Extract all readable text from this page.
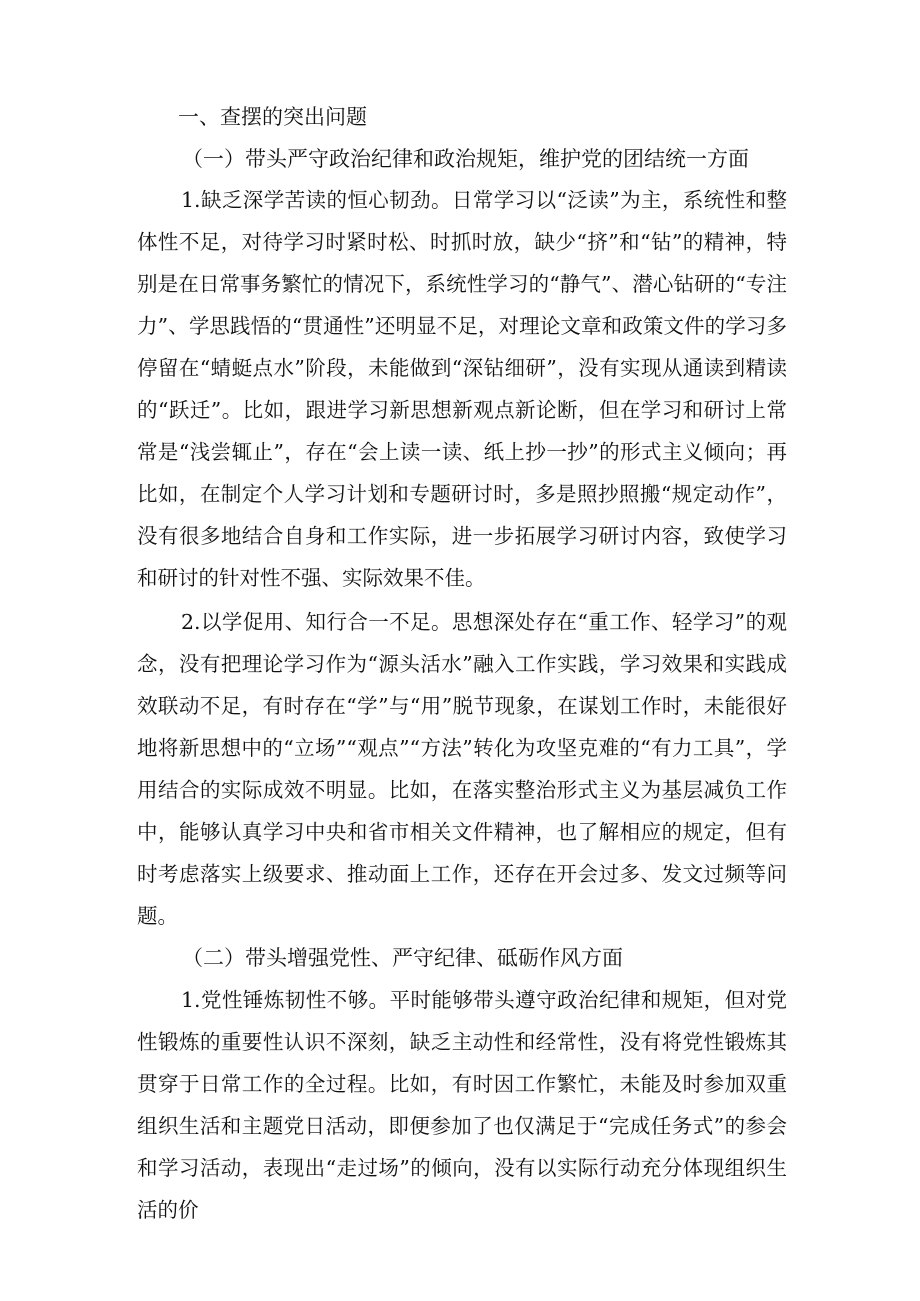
一、查摆的突出问题
（一）带头严守政治纪律和政治规矩，维护党的团结统一方面

1.缺乏深学苦读的恒心韧劲。日常学习以“泛读”为主，系统性和整体性不足，对待学习时紧时松、时抓时放，缺少“挤”和“钻”的精神，特别是在日常事务繁忙的情况下，系统性学习的“静气”、潜心钻研的“专注力”、学思践悟的“贯通性”还明显不足，对理论文章和政策文件的学习多停留在“蜻蜓点水”阶段，未能做到“深钻细研”，没有实现从通读到精读的“跃迁”。比如，跟进学习新思想新观点新论断，但在学习和研讨上常常是“浅尝辄止”，存在“会上读一读、纸上抄一抄”的形式主义倾向；再比如，在制定个人学习计划和专题研讨时，多是照抄照搬“规定动作”，没有很多地结合自身和工作实际，进一步拓展学习研讨内容，致使学习和研讨的针对性不强、实际效果不佳。

2.以学促用、知行合一不足。思想深处存在“重工作、轻学习”的观念，没有把理论学习作为“源头活水”融入工作实践，学习效果和实践成效联动不足，有时存在“学”与“用”脱节现象，在谋划工作时，未能很好地将新思想中的“立场”“观点”“方法”转化为攻坚克难的“有力工具”，学用结合的实际成效不明显。比如，在落实整治形式主义为基层减负工作中，能够认真学习中央和省市相关文件精神，也了解相应的规定，但有时考虑落实上级要求、推动面上工作，还存在开会过多、发文过频等问题。

（二）带头增强党性、严守纪律、砥砺作风方面

1.党性锤炼韧性不够。平时能够带头遵守政治纪律和规矩，但对党性锻炼的重要性认识不深刻，缺乏主动性和经常性，没有将党性锻炼其贯穿于日常工作的全过程。比如，有时因工作繁忙，未能及时参加双重组织生活和主题党日活动，即便参加了也仅满足于“完成任务式”的参会和学习活动，表现出“走过场”的倾向，没有以实际行动充分体现组织生活的价
